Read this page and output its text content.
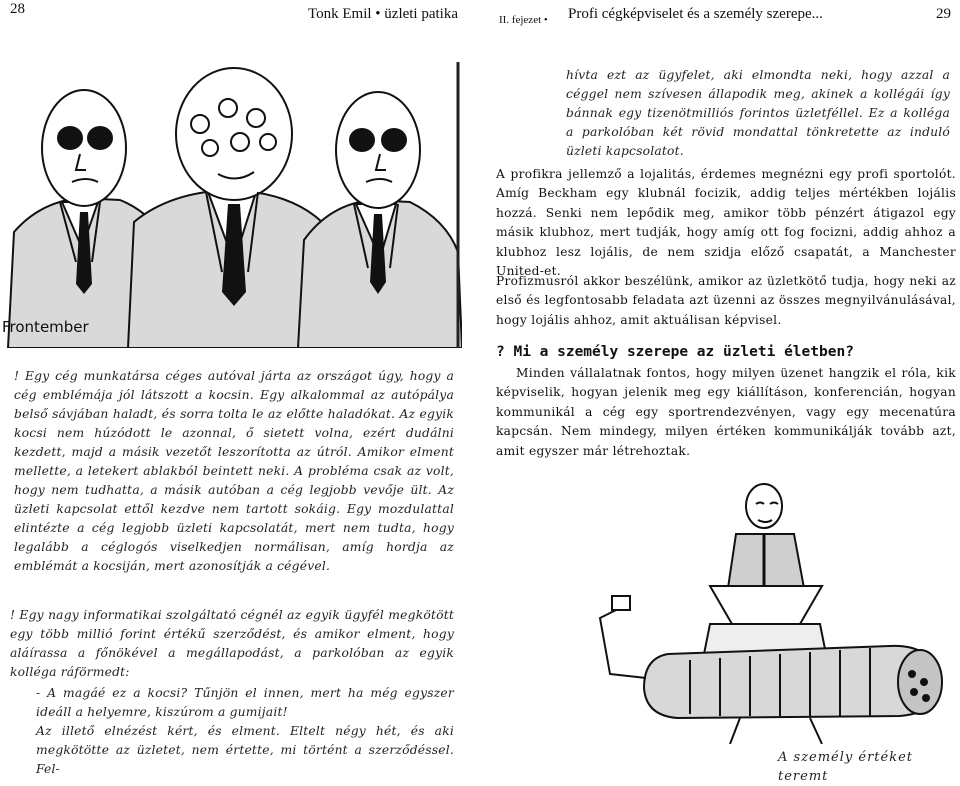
28	Tonk Emil • üzleti patika	II. fejezet • Profi cégképviselet és a személy szerepe...	29
Frontember
! Egy cég munkatársa céges autóval járta az országot úgy, hogy a cég emblémája jól látszott a kocsin. Egy alkalommal az autópálya belső sávjában haladt, és sorra tolta le az előtte haladókat. Az egyik kocsi nem húzódott le azonnal, ő sietett volna, ezért dudálni kezdett, majd a másik vezetőt leszorította az útról. Amikor elment mellette, a letekert ablakból beintett neki. A probléma csak az volt, hogy nem tudhatta, a másik autóban a cég legjobb vevője ült. Az üzleti kapcsolat ettől kezdve nem tartott sokáig. Egy mozdulattal elintézte a cég legjobb üzleti kapcsolatát, mert nem tudta, hogy legalább a céglogós viselkedjen normálisan, amíg hordja az emblémát a kocsiján, mert azonosítják a cégével.
! Egy nagy informatikai szolgáltató cégnél az egyik ügyfél megkötött egy több millió forint értékű szerződést, és amikor elment, hogy aláírassa a főnökével a megállapodást, a parkolóban az egyik kolléga ráförmedt:
- A magáé ez a kocsi? Tűnjön el innen, mert ha még egyszer ideáll a helyemre, kiszúrom a gumijait!
Az illető elnézést kért, és elment. Eltelt négy hét, és aki megkötötte az üzletet, nem értette, mi történt a szerződéssel. Fel-
hívta ezt az ügyfelet, aki elmondta neki, hogy azzal a céggel nem szívesen állapodik meg, akinek a kollégái így bánnak egy tizenötmilliós forintos üzletféllel. Ez a kolléga a parkolóban két rövid mondattal tönkretette az induló üzleti kapcsolatot.
A profikra jellemző a lojalitás, érdemes megnézni egy profi sportolót. Amíg Beckham egy klubnál focizik, addig teljes mértékben lojális hozzá. Senki nem lepődik meg, amikor több pénzért átigazol egy másik klubhoz, mert tudják, hogy amíg ott fog focizni, addig ahhoz a klubhoz lesz lojális, de nem szidja előző csapatát, a Manchester United-et.
Profizmusról akkor beszélünk, amikor az üzletkötő tudja, hogy neki az első és legfontosabb feladata azt üzenni az összes megnyilvánulásával, hogy lojális ahhoz, amit aktuálisan képvisel.
? Mi a személy szerepe az üzleti életben?
Minden vállalatnak fontos, hogy milyen üzenet hangzik el róla, kik képviselik, hogyan jelenik meg egy kiállításon, konferencián, hogyan kommunikál a cég egy sportrendezvényen, vagy egy mecenatúra kapcsán. Nem mindegy, milyen értéken kommunikálják tovább azt, amit egyszer már létrehoztak.
A személy értéket teremt
